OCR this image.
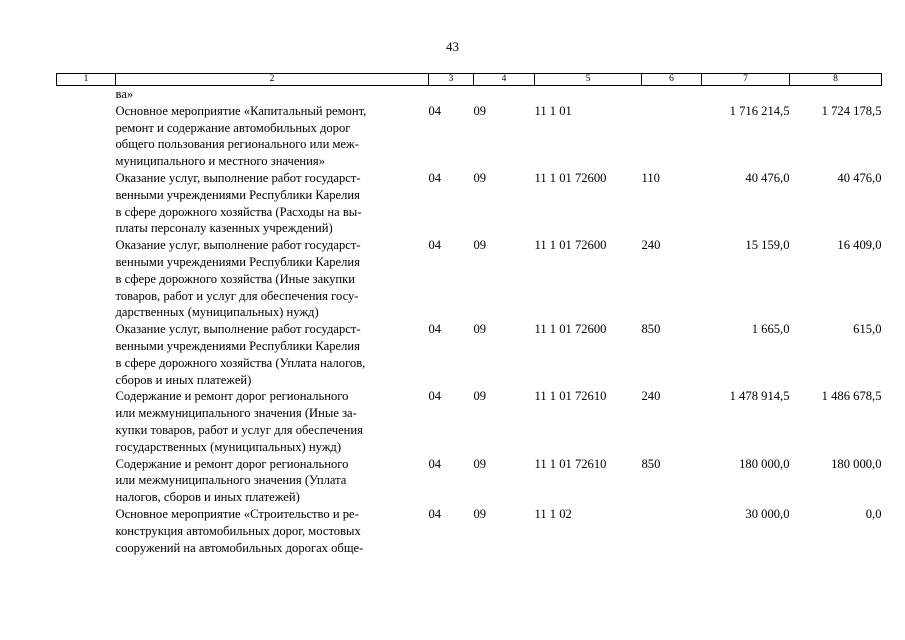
43
1	2	3	4	5	6	7	8

	ва»						

	Основное мероприятие «Капитальный ремонт,
ремонт и содержание автомобильных дорог
общего пользования регионального или меж-
муниципального и местного значения»	04	09	11 1 01		1 716 214,5	1 724 178,5

	Оказание услуг, выполнение работ государст-
венными учреждениями Республики Карелия
в сфере дорожного хозяйства (Расходы на вы-
платы персоналу казенных учреждений)	04	09	11 1 01 72600	110	40 476,0	40 476,0

	Оказание услуг, выполнение работ государст-
венными учреждениями Республики Карелия
в сфере дорожного хозяйства (Иные закупки
товаров, работ и услуг для обеспечения госу-
дарственных (муниципальных) нужд)	04	09	11 1 01 72600	240	15 159,0	16 409,0

	Оказание услуг, выполнение работ государст-
венными учреждениями Республики Карелия
в сфере дорожного хозяйства (Уплата налогов,
сборов и иных платежей)	04	09	11 1 01 72600	850	1 665,0	615,0

	Содержание и ремонт дорог регионального
или межмуниципального значения (Иные за-
купки товаров, работ и услуг для обеспечения
государственных (муниципальных) нужд)	04	09	11 1 01 72610	240	1 478 914,5	1 486 678,5

	Содержание и ремонт дорог регионального
или межмуниципального значения (Уплата
налогов, сборов и иных платежей)	04	09	11 1 01 72610	850	180 000,0	180 000,0

	Основное мероприятие «Строительство и ре-
конструкция автомобильных дорог, мостовых
сооружений на автомобильных дорогах обще-	04	09	11 1 02		30 000,0	0,0
